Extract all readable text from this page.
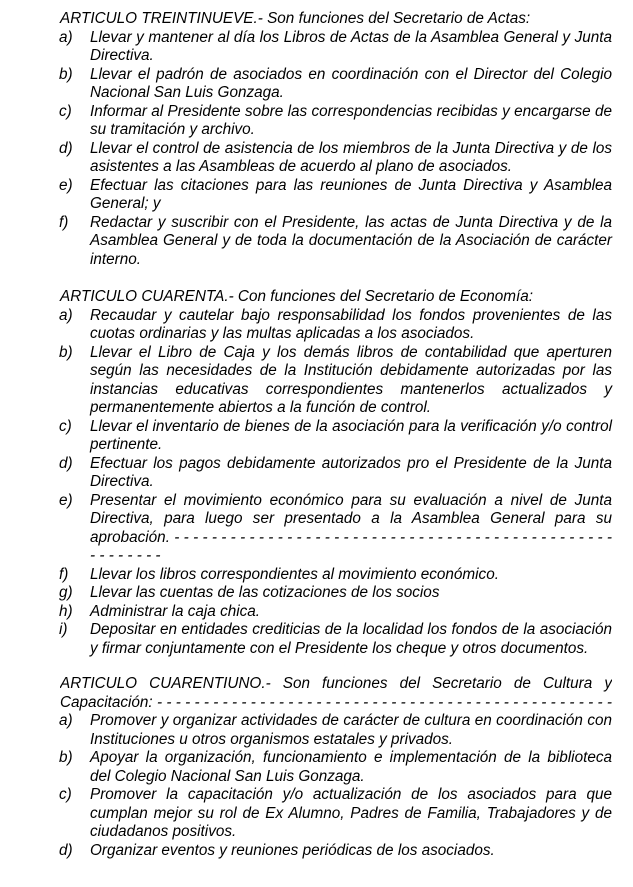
ARTICULO TREINTINUEVE.- Son funciones del Secretario de Actas:

a)	Llevar y mantener al día los Libros de Actas de la Asamblea General y Junta Directiva.
b)	Llevar el padrón de asociados en coordinación con el Director del Colegio Nacional San Luis Gonzaga.
c)	Informar al Presidente sobre las correspondencias recibidas y encargarse de su tramitación y archivo.
d)	Llevar el control de asistencia de los miembros de la Junta Directiva y de los asistentes a las Asambleas de acuerdo al plano de asociados.
e)	Efectuar las citaciones para las reuniones de Junta Directiva y Asamblea General; y
f)	Redactar y suscribir con el Presidente, las actas de Junta Directiva y de la Asamblea General y de toda la documentación de la Asociación de carácter interno.

ARTICULO CUARENTA.- Con funciones del Secretario de Economía:

a)	Recaudar y cautelar bajo responsabilidad los fondos provenientes de las cuotas ordinarias y las multas aplicadas a los asociados.
b)	Llevar el Libro de Caja y los demás libros de contabilidad que aperturen según las necesidades de la Institución debidamente autorizadas por las instancias educativas correspondientes mantenerlos actualizados y permanentemente abiertos a la función de control.
c)	Llevar el inventario de bienes de la asociación para la verificación y/o control pertinente.
d)	Efectuar los pagos debidamente autorizados pro el Presidente de la Junta Directiva.
e)	Presentar el movimiento económico para su evaluación a nivel de Junta Directiva, para luego ser presentado a la Asamblea General para su aprobación. - - - - - - - - - - - - - - - - - - - - - - - - - - - - - - - - - - - - - - - - - - - - - - - - - - - - - - -
f)	Llevar los libros correspondientes al movimiento económico.
g)	Llevar las cuentas de las cotizaciones de los socios
h)	Administrar la caja chica.
i)	Depositar en entidades crediticias de la localidad los fondos de la asociación y firmar conjuntamente con el Presidente los cheque y otros documentos.

ARTICULO CUARENTIUNO.- Son funciones del Secretario de Cultura y Capacitación: - - - - - - - - - - - - - - - - - - - - - - - - - - - - - - - - - - - - - - - - - - - - - - - - -

a)	Promover y organizar actividades de carácter de cultura en coordinación con Instituciones u otros organismos estatales y privados.
b)	Apoyar la organización, funcionamiento e implementación de la biblioteca del Colegio Nacional San Luis Gonzaga.
c)	Promover la capacitación y/o actualización de los asociados para que cumplan mejor su rol de Ex Alumno, Padres de Familia, Trabajadores y de ciudadanos positivos.
d)	Organizar eventos y reuniones periódicas de los asociados.
